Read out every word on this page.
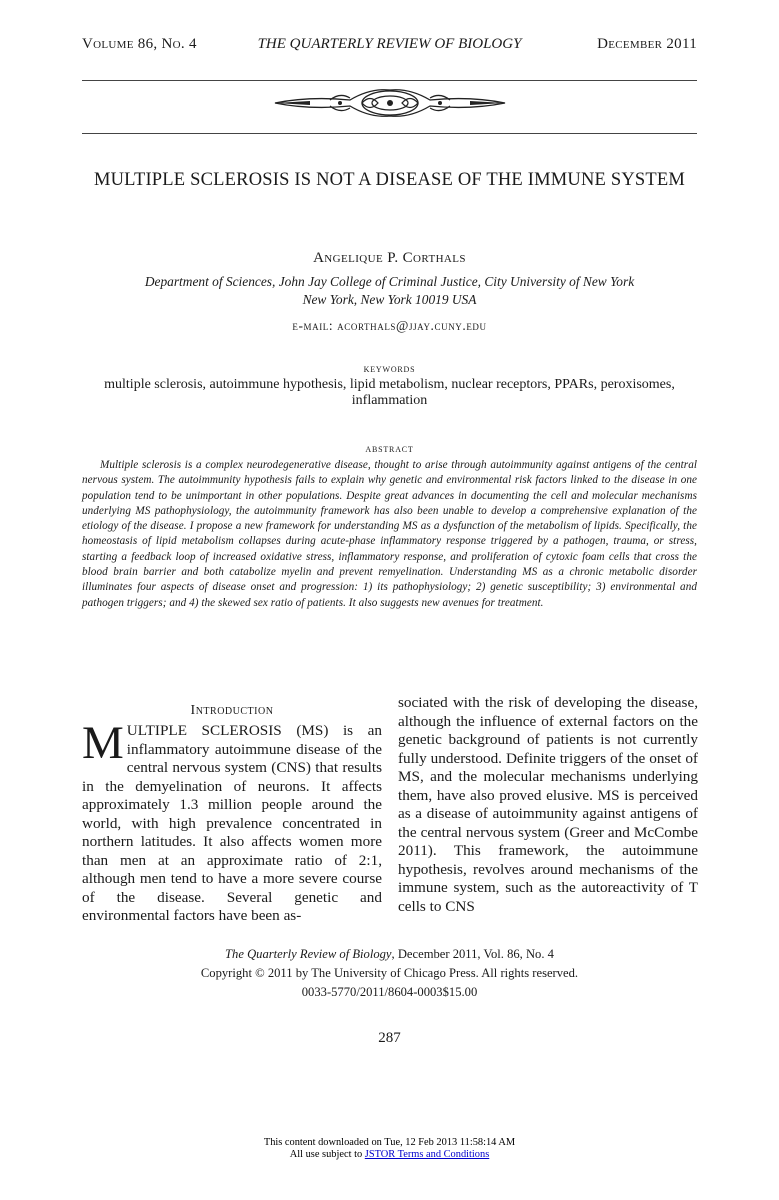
Volume 86, No. 4	THE QUARTERLY REVIEW OF BIOLOGY	December 2011
MULTIPLE SCLEROSIS IS NOT A DISEASE OF THE IMMUNE SYSTEM
Angelique P. Corthals
Department of Sciences, John Jay College of Criminal Justice, City University of New York
New York, New York 10019 USA
e-mail: acorthals@jjay.cuny.edu
keywords
multiple sclerosis, autoimmune hypothesis, lipid metabolism, nuclear receptors, PPARs, peroxisomes, inflammation
abstract
Multiple sclerosis is a complex neurodegenerative disease, thought to arise through autoimmunity against antigens of the central nervous system. The autoimmunity hypothesis fails to explain why genetic and environmental risk factors linked to the disease in one population tend to be unimportant in other populations. Despite great advances in documenting the cell and molecular mechanisms underlying MS pathophysiology, the autoimmunity framework has also been unable to develop a comprehensive explanation of the etiology of the disease. I propose a new framework for understanding MS as a dysfunction of the metabolism of lipids. Specifically, the homeostasis of lipid metabolism collapses during acute-phase inflammatory response triggered by a pathogen, trauma, or stress, starting a feedback loop of increased oxidative stress, inflammatory response, and proliferation of cytoxic foam cells that cross the blood brain barrier and both catabolize myelin and prevent remyelination. Understanding MS as a chronic metabolic disorder illuminates four aspects of disease onset and progression: 1) its pathophysiology; 2) genetic susceptibility; 3) environmental and pathogen triggers; and 4) the skewed sex ratio of patients. It also suggests new avenues for treatment.
Introduction
MULTIPLE SCLEROSIS (MS) is an inflammatory autoimmune disease of the central nervous system (CNS) that results in the demyelination of neurons. It affects approximately 1.3 million people around the world, with high prevalence concentrated in northern latitudes. It also affects women more than men at an approximate ratio of 2:1, although men tend to have a more severe course of the disease. Several genetic and environmental factors have been as-
sociated with the risk of developing the disease, although the influence of external factors on the genetic background of patients is not currently fully understood. Definite triggers of the onset of MS, and the molecular mechanisms underlying them, have also proved elusive. MS is perceived as a disease of autoimmunity against antigens of the central nervous system (Greer and McCombe 2011). This framework, the autoimmune hypothesis, revolves around mechanisms of the immune system, such as the autoreactivity of T cells to CNS
The Quarterly Review of Biology, December 2011, Vol. 86, No. 4
Copyright © 2011 by The University of Chicago Press. All rights reserved.
0033-5770/2011/8604-0003$15.00
287
This content downloaded on Tue, 12 Feb 2013 11:58:14 AM
All use subject to JSTOR Terms and Conditions
